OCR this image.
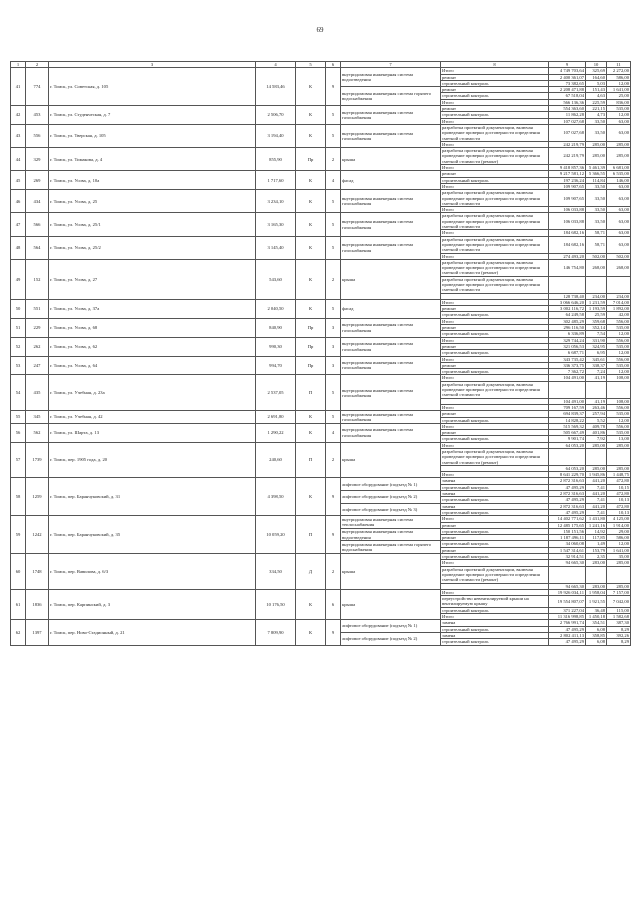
69
1	2	3	4	5	6	7	8	9	10	11
41	774	г. Томск, ул. Советская, д. 105	14 583,46	К	9	внутридомовая инженерная система водоотведения	Итого	4 749 703,64	325,69	2 272,00
							ремонт	2 400 361,07	164,60	586,00
							строительный контроль	73 382,65	5,03	12,00
						внутридомовая инженерная система горячего водоснабжения	ремонт	2 208 471,88	151,43	1 641,00
							строительный контроль	67 518,04	4,63	25,00
							Итого	566 136,36	225,59	836,00
42	453	г. Томск, ул. Студенческая, д. 7	2 506,70	К	5	внутридомовая инженерная система газоснабжения	ремонт	554 363,60	221,15	535,00
							строительный контроль	11 862,28	4,73	12,00
							Итого	107 027,68	33,50	63,00
43	556	г. Томск, ул. Тверская, д. 105	3 194,40	К	5	внутридомовая инженерная система газоснабжения	разработка проектной документации, включая проведение проверки достоверности определения сметной стоимости	107 027,68	33,50	63,00
							Итого	242 219,79	285,00	285,00
44	329	г. Томск, ул. Тимакова, д. 4	855,90	Пр	2	крыша	разработка проектной документации, включая проведение проверки достоверности определения сметной стоимости (ремонт)	242 219,79	285,00	285,00
							Итого	9 418 857,36	5 461,39	6 681,00
45	269	г. Томск, ул. Усова, д. 10а	1 717,60	К	4	фасад	ремонт	9 217 581,12	5 366,55	6 535,00
							строительный контроль	197 236,24	114,84	146,00
							Итого	109 907,65	33,50	63,00
46	434	г. Томск, ул. Усова, д. 25	3 234,10	К	5	внутридомовая инженерная система газоснабжения	разработка проектной документации, включая проведение проверки достоверности определения сметной стоимости	109 907,65	33,50	63,00
							Итого	106 033,88	33,50	63,00
47	566	г. Томск, ул. Усова, д. 25/1	3 165,30	К	5	внутридомовая инженерная система газоснабжения	разработка проектной документации, включая проведение проверки достоверности определения сметной стоимости	106 033,88	33,50	63,00
							Итого	184 682,16	58,71	63,00
48	564	г. Томск, ул. Усова, д. 25/2	3 145,40	К	5	внутридомовая инженерная система газоснабжения	разработка проектной документации, включая проведение проверки достоверности определения сметной стоимости	184 682,16	58,71	63,00
							Итого	274 493,20	502,00	502,00
49	152	г. Томск, ул. Усова, д. 27	543,60	К	2	крыша	разработка проектной документации, включая проведение проверки достоверности определения сметной стоимости (ремонт)	146 754,80	268,00	268,00
							разработка проектной документации, включая проведение проверки достоверности определения сметной стоимости			
								128 738,40	234,00	234,00
50	551	г. Томск, ул. Усова, д. 37а	2 040,50	К	5	фасад	Итого	3 066 646,20	1 231,59	7 014,00
							ремонт	3 002 116,72	1 193,59	1 892,00
							строительный контроль	64 249,58	25,59	42,00
51	229	г. Томск, ул. Усова, д. 68	840,90	Пр	3	внутридомовая инженерная система газоснабжения	Итого	302 485,29	359,68	556,00
							ремонт	296 116,50	352,14	535,00
							строительный контроль	6 336,89	7,54	12,00
52	262	г. Томск, ул. Усова, д. 62	990,30	Пр	3	внутридомовая инженерная система газоснабжения	Итого	329 744,24	331,90	556,00
							ремонт	321 056,53	324,95	535,00
							строительный контроль	6 687,71	6,95	12,00
53	247	г. Томск, ул. Усова, д. 64	994,70	Пр	3	внутридомовая инженерная система газоснабжения	Итого	343 735,42	345,61	556,00
							ремонт	336 373,75	338,37	535,00
							строительный контроль	7 362,72	7,24	12,00
54	435	г. Томск, ул. Учебная, д. 23а	2 537,05	П	5	внутридомовая инженерная система газоснабжения	Итого	104 491,00	41,19	108,00
							разработка проектной документации, включая проведение проверки достоверности определения сметной стоимости			
								104 491,00	41,19	108,00
							Итого	709 167,59	263,46	556,00
55	345	г. Томск, ул. Учебная, д. 42	2 691,80	К	5	внутридомовая инженерная система газоснабжения	ремонт	694 839,37	257,94	535,00
							строительный контроль	14 828,22	5,52	12,00
56	562	г. Томск, ул. Шарта, д. 13	1 290,22	К	4	внутридомовая инженерная система газоснабжения	Итого	515 569,32	409,78	556,00
							ремонт	505 667,49	401,86	535,00
							строительный контроль	9 901,74	7,92	13,00
57	1739	г. Томск, пер. 1905 года, д. 20	240,60	П	2	крыша	Итого	64 053,20	285,00	285,00
							разработка проектной документации, включая проведение проверки достоверности определения сметной стоимости (ремонт)			
								64 053,20	285,00	285,00
							Итого	8 641 229,70	1 945,86	1 448,75
58	1259	г. Томск, пер. Баранчуковский, д. 31	4 398,50	К	9	лифтовое оборудование (подъезд № 1)	замена	2 872 316,63	441,20	472,80
							строительный контроль	47 495,29	7,41	10,15
						лифтовое оборудование (подъезд № 2)	замена	2 872 316,63	441,20	472,80
							строительный контроль	47 495,29	7,41	10,13
						лифтовое оборудование (подъезд № 3)	замена	2 872 316,63	441,20	472,80
							строительный контроль	47 495,29	7,41	10,13
59	1242	г. Томск, пер. Баранчуковский, д. 35	10 059,20	П	9	внутридомовая инженерная система теплоснабжения	Итого	14 402 771,62	1 431,80	4 125,00
							ремонт	12 485 175,65	1 241,16	1 914,00
						внутридомовая инженерная система водоотведения	строительный контроль	150 151,56	14,92	29,00
							ремонт	1 187 496,11	117,85	586,00
						внутридомовая инженерная система горячего водоснабжения	строительный контроль	34 060,08	1,49	12,00
							ремонт	1 547 314,61	153,79	1 641,00
60	1748	г. Томск, пер. Вавилова, д. 6/3	334,50	Д	2	крыша	строительный контроль	32 914,51	2,35	35,00
							Итого	94 665,30	283,00	285,00
							разработка проектной документации, включая проведение проверки достоверности определения сметной стоимости (ремонт)			
								94 665,30	283,00	285,00
61	1836	г. Томск, пер. Карпинский, д. 3	10 176,50	К	6	крыша	Итого	19 926 034,11	1 958,04	7 157,00
							переустройство невентилируемой крыши на вентилируемую крышу	19 554 807,07	1 921,55	7 042,00
							строительный контроль	371 227,04	36,48	115,00
							Итого	11 316 998,85	1 450,18	1 582,68
62	1397	г. Томск, пер. Ново-Стадионный, д. 21	7 809,90	К	9	лифтовое оборудование (подъезд № 1)	замена	2 766 991,74	354,51	387,30
							строительный контроль	47 495,29	6,08	8,29
						лифтовое оборудование (подъезд № 2)	замена	2 802 411,13	358,85	392,26
							строительный контроль	47 495,29	6,08	8,29
